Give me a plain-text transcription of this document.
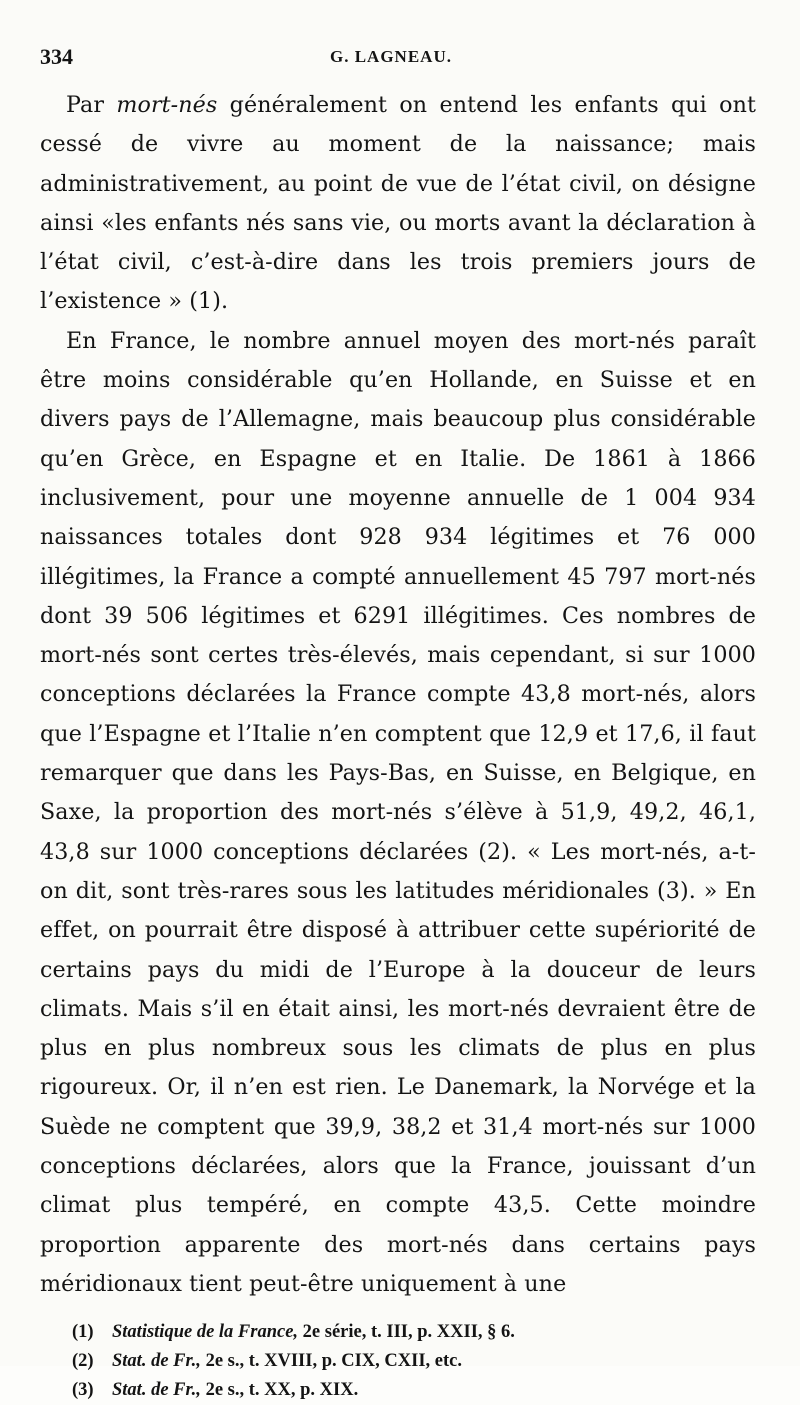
334	G. LAGNEAU.

Par mort-nés généralement on entend les enfants qui ont cessé de vivre au moment de la naissance; mais administrativement, au point de vue de l’état civil, on désigne ainsi «les enfants nés sans vie, ou morts avant la déclaration à l’état civil, c’est-à-dire dans les trois premiers jours de l’existence » (1).

En France, le nombre annuel moyen des mort-nés paraît être moins considérable qu’en Hollande, en Suisse et en divers pays de l’Allemagne, mais beaucoup plus considérable qu’en Grèce, en Espagne et en Italie. De 1861 à 1866 inclusivement, pour une moyenne annuelle de 1 004 934 naissances totales dont 928 934 légitimes et 76 000 illégitimes, la France a compté annuellement 45 797 mort-nés dont 39 506 légitimes et 6291 illégitimes. Ces nombres de mort-nés sont certes très-élevés, mais cependant, si sur 1000 conceptions déclarées la France compte 43,8 mort-nés, alors que l’Espagne et l’Italie n’en comptent que 12,9 et 17,6, il faut remarquer que dans les Pays-Bas, en Suisse, en Belgique, en Saxe, la proportion des mort-nés s’élève à 51,9, 49,2, 46,1, 43,8 sur 1000 conceptions déclarées (2). « Les mort-nés, a-t-on dit, sont très-rares sous les latitudes méridionales (3). » En effet, on pourrait être disposé à attribuer cette supériorité de certains pays du midi de l’Europe à la douceur de leurs climats. Mais s’il en était ainsi, les mort-nés devraient être de plus en plus nombreux sous les climats de plus en plus rigoureux. Or, il n’en est rien. Le Danemark, la Norvége et la Suède ne comptent que 39,9, 38,2 et 31,4 mort-nés sur 1000 conceptions déclarées, alors que la France, jouissant d’un climat plus tempéré, en compte 43,5. Cette moindre proportion apparente des mort-nés dans certains pays méridionaux tient peut-être uniquement à une

(1) Statistique de la France, 2e série, t. III, p. XXII, § 6.

(2) Stat. de Fr., 2e s., t. XVIII, p. CIX, CXII, etc.

(3) Stat. de Fr., 2e s., t. XX, p. XIX.
